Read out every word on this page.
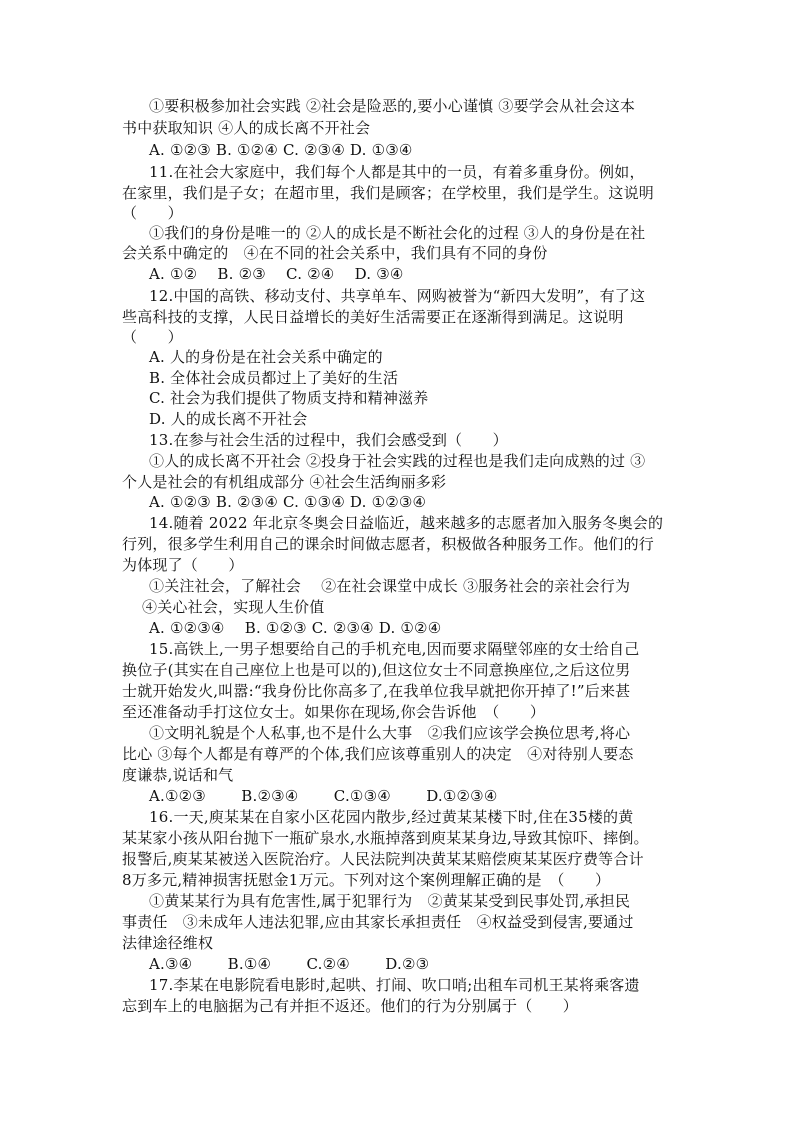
①要积极参加社会实践 ②社会是险恶的,要小心谨慎 ③要学会从社会这本
书中获取知识 ④人的成长离不开社会
A. ①②③ B. ①②④ C. ②③④ D. ①③④
11.在社会大家庭中，我们每个人都是其中的一员，有着多重身份。例如，
在家里，我们是子女；在超市里，我们是顾客；在学校里，我们是学生。这说明
（　　）
①我们的身份是唯一的 ②人的成长是不断社会化的过程 ③人的身份是在社
会关系中确定的　④在不同的社会关系中，我们具有不同的身份
A. ①②　 B. ②③　 C. ②④　 D. ③④
12.中国的高铁、移动支付、共享单车、网购被誉为“新四大发明”，有了这
些高科技的支撑，人民日益增长的美好生活需要正在逐渐得到满足。这说明
（　　）
A. 人的身份是在社会关系中确定的
B. 全体社会成员都过上了美好的生活
C. 社会为我们提供了物质支持和精神滋养
D. 人的成长离不开社会
13.在参与社会生活的过程中，我们会感受到（　　）
①人的成长离不开社会 ②投身于社会实践的过程也是我们走向成熟的过 ③
个人是社会的有机组成部分 ④社会生活绚丽多彩
A. ①②③ B. ②③④ C. ①③④ D. ①②③④
14.随着 2022 年北京冬奥会日益临近，越来越多的志愿者加入服务冬奥会的
行列，很多学生利用自己的课余时间做志愿者，积极做各种服务工作。他们的行
为体现了（　　）
①关注社会，了解社会　 ②在社会课堂中成长 ③服务社会的亲社会行为
④关心社会，实现人生价值
A. ①②③④　 B. ①②③ C. ②③④ D. ①②④
15.高铁上,一男子想要给自己的手机充电,因而要求隔壁邻座的女士给自己
换位子(其实在自己座位上也是可以的),但这位女士不同意换座位,之后这位男
士就开始发火,叫嚣:“我身份比你高多了,在我单位我早就把你开掉了!”后来甚
至还准备动手打这位女士。如果你在现场,你会告诉他　（　　）
①文明礼貌是个人私事,也不是什么大事　②我们应该学会换位思考,将心
比心 ③每个人都是有尊严的个体,我们应该尊重别人的决定　④对待别人要态
度谦恭,说话和气
A.①②③　　 B.②③④　　 C.①③④　　 D.①②③④
16.一天,庾某某在自家小区花园内散步,经过黄某某楼下时,住在35楼的黄
某某家小孩从阳台抛下一瓶矿泉水,水瓶掉落到庾某某身边,导致其惊吓、摔倒。
报警后,庾某某被送入医院治疗。人民法院判决黄某某赔偿庾某某医疗费等合计
8万多元,精神损害抚慰金1万元。下列对这个案例理解正确的是　（　　）
①黄某某行为具有危害性,属于犯罪行为　②黄某某受到民事处罚,承担民
事责任　③未成年人违法犯罪,应由其家长承担责任　④权益受到侵害,要通过
法律途径维权
A.③④　　 B.①④　　 C.②④　　 D.②③
17.李某在电影院看电影时,起哄、打闹、吹口哨;出租车司机王某将乘客遗
忘到车上的电脑据为己有并拒不返还。他们的行为分别属于（　　）
